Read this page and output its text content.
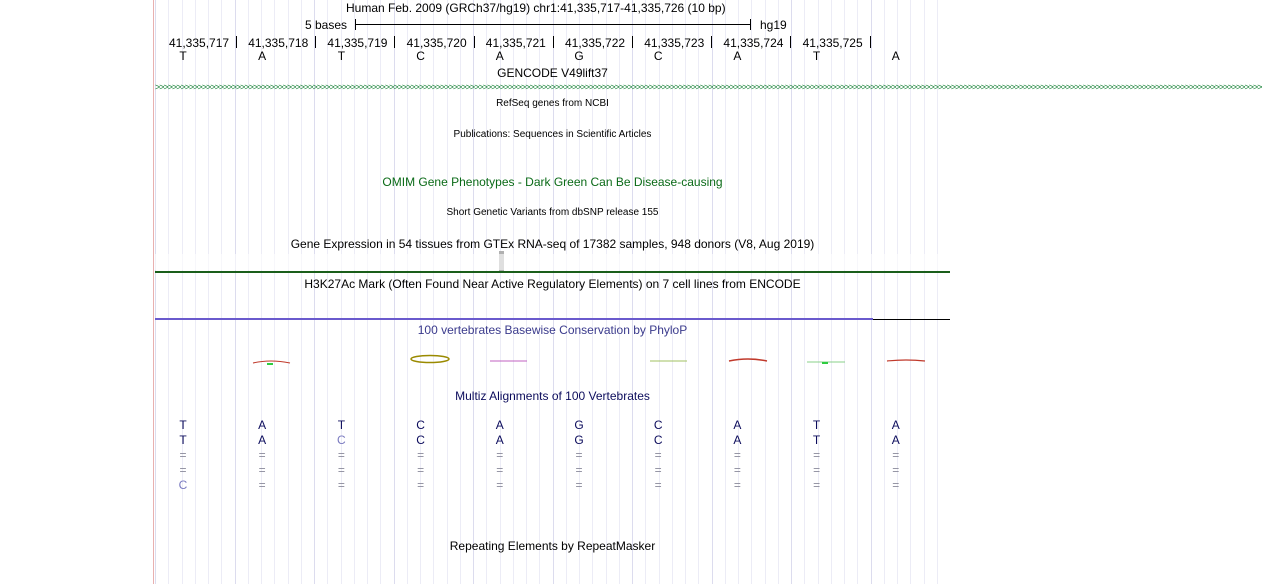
Human Feb. 2009 (GRCh37/hg19) chr1:41,335,717-41,335,726 (10 bp)
5 bases	hg19
41,335,717 41,335,718 41,335,719 41,335,720 41,335,721 41,335,722 41,335,723 41,335,724 41,335,725
T	A	T	C	A	G	C	A	T	A
GENCODE V49lift37
>>>>>>>>>>>>>>>>>>>>>>>>>>>>>>>>>>>>>>>>>>>>>>>>>>>>>>>>>>>>>>>>>>>>>>>>>>>>>>>>>>>>>>>>>>>>>>>>>>>>>>>>>>>>>>>>>>>>>>>>>>>>>>>>>>>>>>>>>>>>>>>>>>>>>>>>>>>>>>>>>>>>>>>>>>>>>>>>>>>>>>>>>>>>>>>>>>>>>>>>>>>>>>>>>>>>>>>>>>>>>>>>>>>>>>>>>>>>>>>>>>>>>>>>>>>>>>>>>>>>
RefSeq genes from NCBI
Publications: Sequences in Scientific Articles
OMIM Gene Phenotypes - Dark Green Can Be Disease-causing
Short Genetic Variants from dbSNP release 155
Gene Expression in 54 tissues from GTEx RNA-seq of 17382 samples, 948 donors (V8, Aug 2019)
H3K27Ac Mark (Often Found Near Active Regulatory Elements) on 7 cell lines from ENCODE
100 vertebrates Basewise Conservation by PhyloP
Multiz Alignments of 100 Vertebrates
T	A	T	C	A	G	C	A	T	A
T	A	C	C	A	G	C	A	T	A
=	=	=	=	=	=	=	=	=	=
=	=	=	=	=	=	=	=	=	=
C	=	=	=	=	=	=	=	=	=
Repeating Elements by RepeatMasker
